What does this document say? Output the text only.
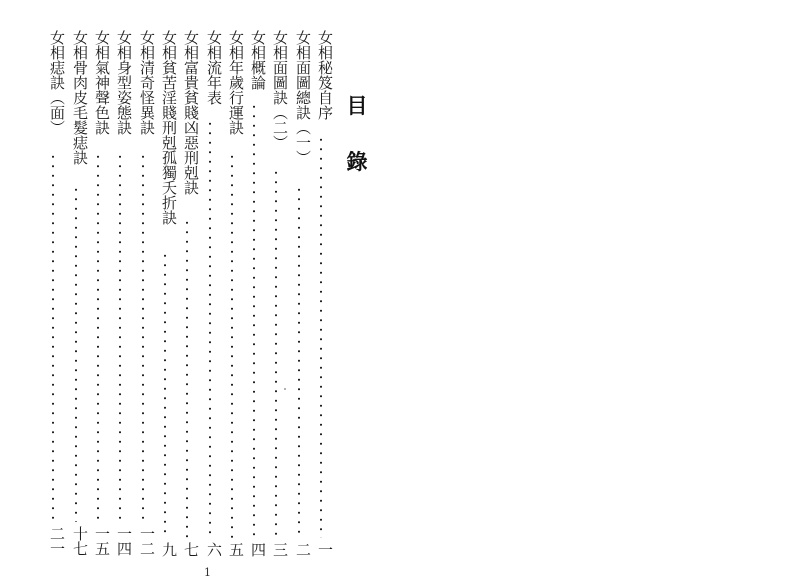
目
錄
女相秘笈自序
一
女相面圖總訣（一）
二
女相面圖訣（二）
三
女相概論
四
女相年歲行運訣
五
女相流年表
六
女相富貴貧賤凶惡刑剋訣
七
女相貧苦淫賤刑剋孤獨夭折訣
九
女相清奇怪異訣
一二
女相身型姿態訣
一四
女相氣神聲色訣
一五
女相骨肉皮毛髮痣訣
十七
女相痣訣（面）
二一
1
